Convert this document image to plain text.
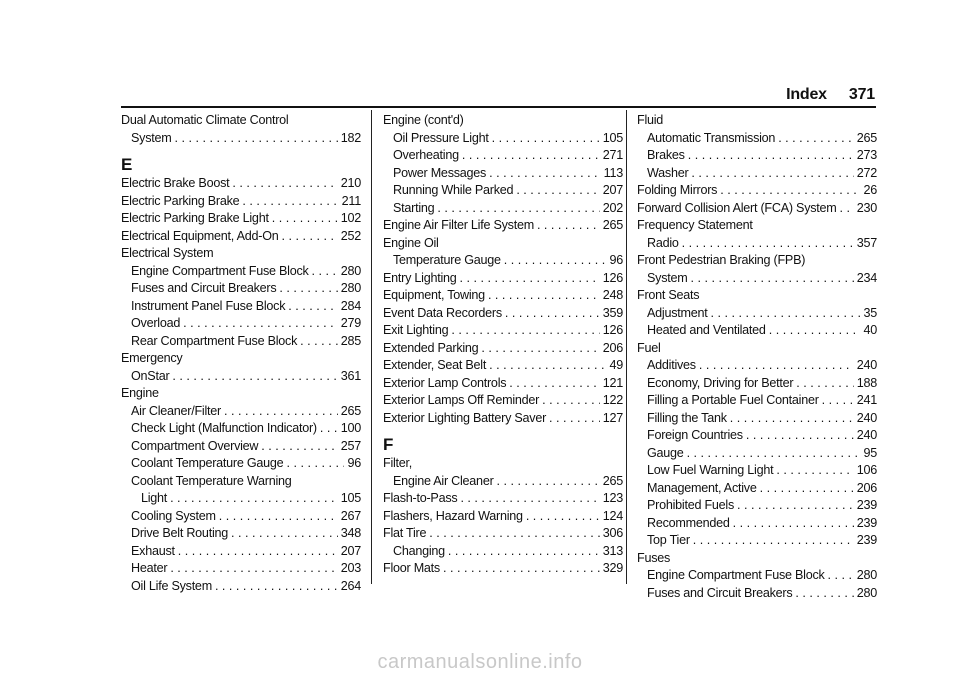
Index 371
Dual Automatic Climate Control
System . . .	182
E
Electric Brake Boost . . .	210
Electric Parking Brake . . .	211
Electric Parking Brake Light . . .	102
Electrical Equipment, Add-On . . .	252
Electrical System
Engine Compartment Fuse Block . . .	280
Fuses and Circuit Breakers . . .	280
Instrument Panel Fuse Block . . .	284
Overload . . .	279
Rear Compartment Fuse Block . . .	285
Emergency
OnStar . . .	361
Engine
Air Cleaner/Filter . . .	265
Check Light (Malfunction Indicator) . . . 100
Compartment Overview . . .	257
Coolant Temperature Gauge . . .	96
Coolant Temperature Warning
Light . . .	105
Cooling System . . .	267
Drive Belt Routing . . .	348
Exhaust . . .	207
Heater . . .	203
Oil Life System . . .	264
Engine (cont'd)
Oil Pressure Light . . .	105
Overheating . . .	271
Power Messages . . .	113
Running While Parked . . .	207
Starting . . .	202
Engine Air Filter Life System . . .	265
Engine Oil
Temperature Gauge . . .	96
Entry Lighting . . .	126
Equipment, Towing . . .	248
Event Data Recorders . . .	359
Exit Lighting . . .	126
Extended Parking . . .	206
Extender, Seat Belt . . .	49
Exterior Lamp Controls . . .	121
Exterior Lamps Off Reminder . . .	122
Exterior Lighting Battery Saver . . .	127
F
Filter,
Engine Air Cleaner . . .	265
Flash-to-Pass . . .	123
Flashers, Hazard Warning . . .	124
Flat Tire . . .	306
Changing . . .	313
Floor Mats . . .	329
Fluid
Automatic Transmission . . .	265
Brakes . . .	273
Washer . . .	272
Folding Mirrors . . .	26
Forward Collision Alert (FCA) System . . . 230
Frequency Statement
Radio . . .	357
Front Pedestrian Braking (FPB)
System . . .	234
Front Seats
Adjustment . . .	35
Heated and Ventilated . . .	40
Fuel
Additives . . .	240
Economy, Driving for Better . . .	188
Filling a Portable Fuel Container . . .	241
Filling the Tank . . .	240
Foreign Countries . . .	240
Gauge . . .	95
Low Fuel Warning Light . . .	106
Management, Active . . .	206
Prohibited Fuels . . .	239
Recommended . . .	239
Top Tier . . .	239
Fuses
Engine Compartment Fuse Block . . .	280
Fuses and Circuit Breakers . . .	280
carmanualsonline.info
